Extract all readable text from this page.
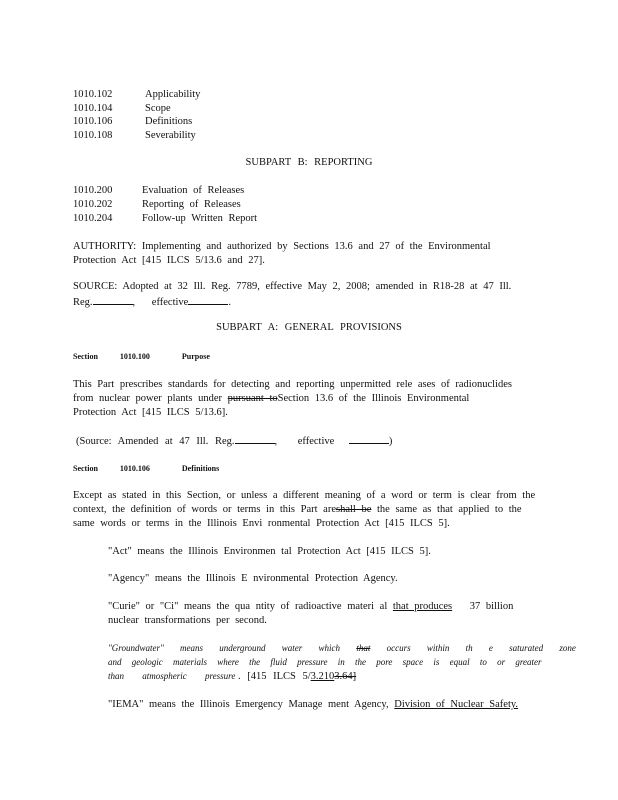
1010.102	Applicability
1010.104	Scope
1010.106	Definitions
1010.108	Severability
SUBPART B: REPORTING
1010.200	Evaluation of Releases
1010.202	Reporting of Releases
1010.204	Follow-up Written Report
AUTHORITY: Implementing and authorized by Sections 13.6 and 27 of the Environmental
Protection Act [415 ILCS 5/13.6 and 27].
SOURCE: Adopted at 32 Ill. Reg. 7789, effective May 2, 2008; amended in R18-28 at 47 Ill.
Reg.	, effective	.
SUBPART A: GENERAL PROVISIONS
Section	1010.100	Purpose
This Part prescribes standards for detecting and reporting unpermitted rele ases of radionuclides
from nuclear power plants under pursuant toSection 13.6 of the Illinois Environmental
Protection Act [415 ILCS 5/13.6].
(Source: Amended at 47 Ill. Reg.	, effective	)
Section	1010.106	Definitions
Except as stated in this Section, or unless a different meaning of a word or term is clear from the
context, the definition of words or terms in this Part areshall be the same as that applied to the
same words or terms in the Illinois Envi ronmental Protection Act [415 ILCS 5].
"Act" means the Illinois Environmen tal Protection Act [415 ILCS 5].
"Agency" means the Illinois E nvironmental Protection Agency.
"Curie" or "Ci" means the qua ntity of radioactive materi al that produces 37 billion
nuclear transformations per second.
"Groundwater" means underground water which that occurs within th e saturated zone
and geologic materials where the fluid pressure in the pore space is equal to or greater
than atmospheric pressure . [415 ILCS 5/3.2103.64]
"IEMA" means the Illinois Emergency Manage ment Agency, Division of Nuclear Safety.
